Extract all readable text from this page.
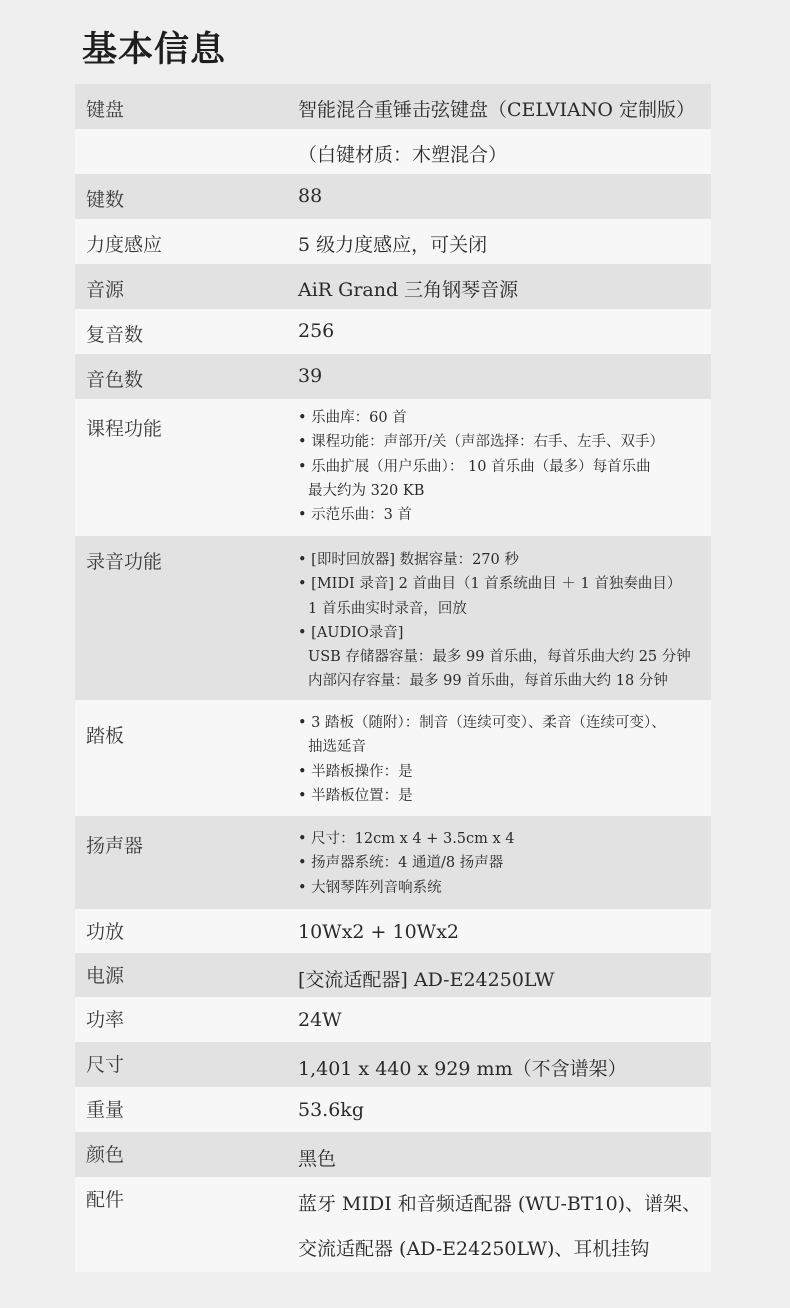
基本信息
键盘	智能混合重锤击弦键盘（CELVIANO 定制版）
（白键材质：木塑混合）
键数	88
力度感应	5 级力度感应，可关闭
音源	AiR Grand 三角钢琴音源
复音数	256
音色数	39
课程功能	• 乐曲库：60 首
• 课程功能：声部开/关（声部选择：右手、左手、双手）
• 乐曲扩展（用户乐曲）： 10 首乐曲（最多）每首乐曲
最大约为 320 KB
• 示范乐曲：3 首
录音功能	• [即时回放器] 数据容量：270 秒
• [MIDI 录音] 2 首曲目（1 首系统曲目 ＋ 1 首独奏曲目）
1 首乐曲实时录音，回放
• [AUDIO录音]
USB 存储器容量：最多 99 首乐曲，每首乐曲大约 25 分钟
内部闪存容量：最多 99 首乐曲，每首乐曲大约 18 分钟
踏板
• 3 踏板（随附）：制音（连续可变）、柔音（连续可变）、
抽选延音
• 半踏板操作：是
• 半踏板位置：是
扬声器	• 尺寸：12cm x 4 + 3.5cm x 4
• 扬声器系统：4 通道/8 扬声器
• 大钢琴阵列音响系统
功放	10Wx2 + 10Wx2
电源	[交流适配器] AD-E24250LW
功率	24W
尺寸	1,401 x 440 x 929 mm（不含谱架）
重量	53.6kg
颜色	黑色
配件	蓝牙 MIDI 和音频适配器 (WU-BT10)、谱架、
交流适配器 (AD-E24250LW)、耳机挂钩
